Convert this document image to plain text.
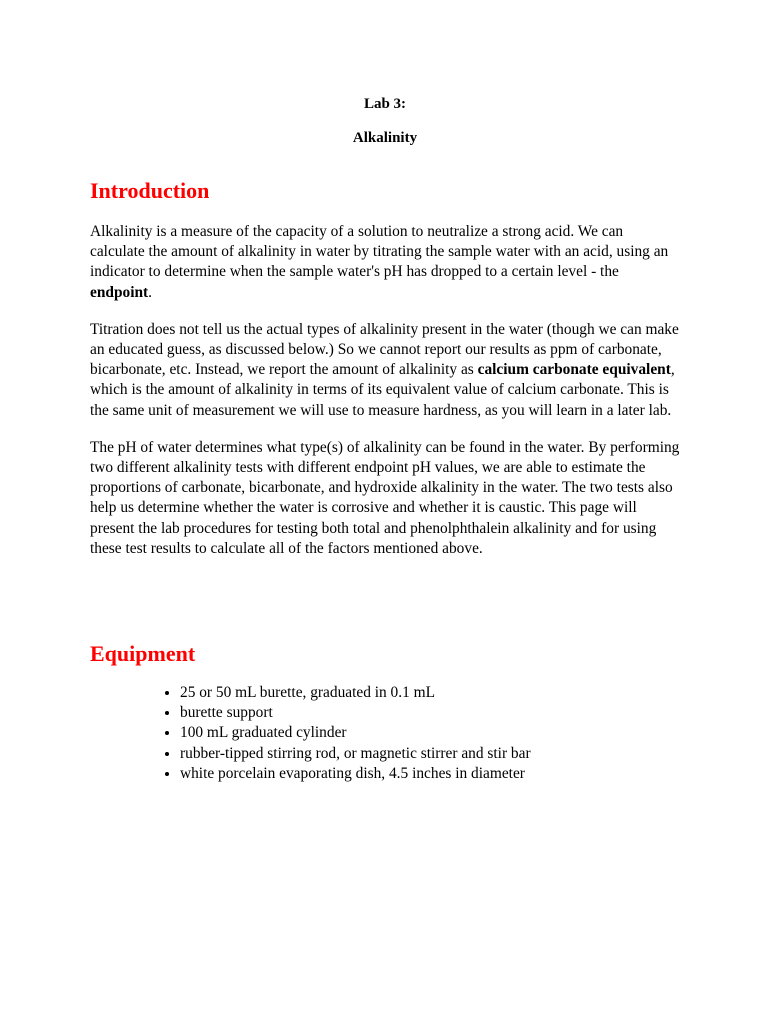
Lab 3:
Alkalinity
Introduction

Alkalinity is a measure of the capacity of a solution to neutralize a strong acid. We can calculate the amount of alkalinity in water by titrating the sample water with an acid, using an indicator to determine when the sample water's pH has dropped to a certain level - the endpoint.

Titration does not tell us the actual types of alkalinity present in the water (though we can make an educated guess, as discussed below.) So we cannot report our results as ppm of carbonate, bicarbonate, etc. Instead, we report the amount of alkalinity as calcium carbonate equivalent, which is the amount of alkalinity in terms of its equivalent value of calcium carbonate. This is the same unit of measurement we will use to measure hardness, as you will learn in a later lab.

The pH of water determines what type(s) of alkalinity can be found in the water. By performing two different alkalinity tests with different endpoint pH values, we are able to estimate the proportions of carbonate, bicarbonate, and hydroxide alkalinity in the water. The two tests also help us determine whether the water is corrosive and whether it is caustic. This page will present the lab procedures for testing both total and phenolphthalein alkalinity and for using these test results to calculate all of the factors mentioned above.

Equipment
• 25 or 50 mL burette, graduated in 0.1 mL
• burette support
• 100 mL graduated cylinder
• rubber-tipped stirring rod, or magnetic stirrer and stir bar
• white porcelain evaporating dish, 4.5 inches in diameter
